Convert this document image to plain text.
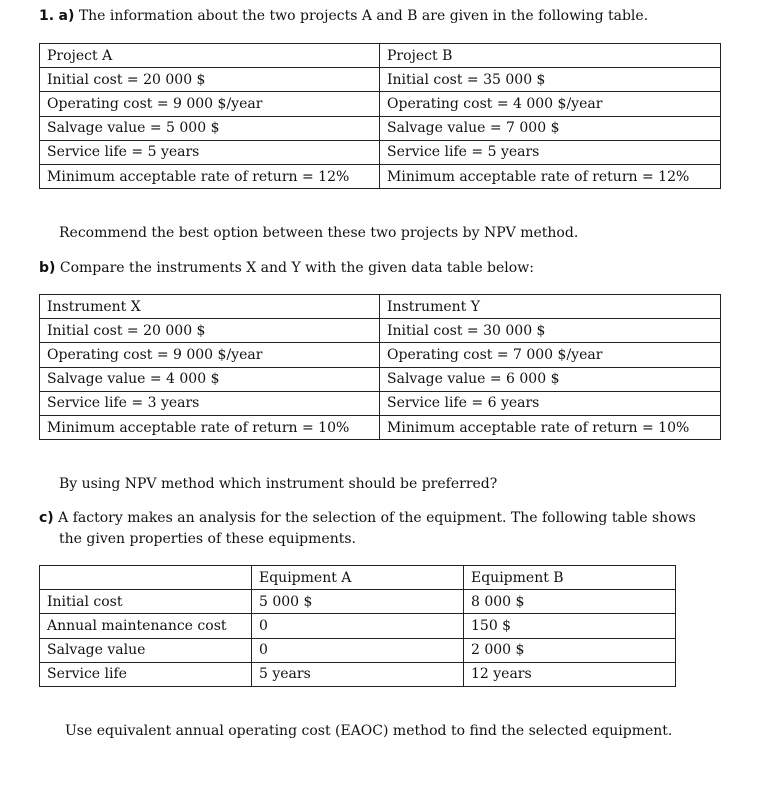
1. a) The information about the two projects A and B are given in the following table.
Project A	Project B
Initial cost = 20 000 $	Initial cost = 35 000 $
Operating cost = 9 000 $/year	Operating cost = 4 000 $/year
Salvage value = 5 000 $	Salvage value = 7 000 $
Service life = 5 years	Service life = 5 years
Minimum acceptable rate of return = 12%	Minimum acceptable rate of return = 12%
Recommend the best option between these two projects by NPV method.
b) Compare the instruments X and Y with the given data table below:
Instrument X	Instrument Y
Initial cost = 20 000 $	Initial cost = 30 000 $
Operating cost = 9 000 $/year	Operating cost = 7 000 $/year
Salvage value = 4 000 $	Salvage value = 6 000 $
Service life = 3 years	Service life = 6 years
Minimum acceptable rate of return = 10%	Minimum acceptable rate of return = 10%
By using NPV method which instrument should be preferred?
c) A factory makes an analysis for the selection of the equipment. The following table shows
the given properties of these equipments.
	Equipment A	Equipment B
Initial cost	5 000 $	8 000 $
Annual maintenance cost	0	150 $
Salvage value	0	2 000 $
Service life	5 years	12 years
Use equivalent annual operating cost (EAOC) method to find the selected equipment.
